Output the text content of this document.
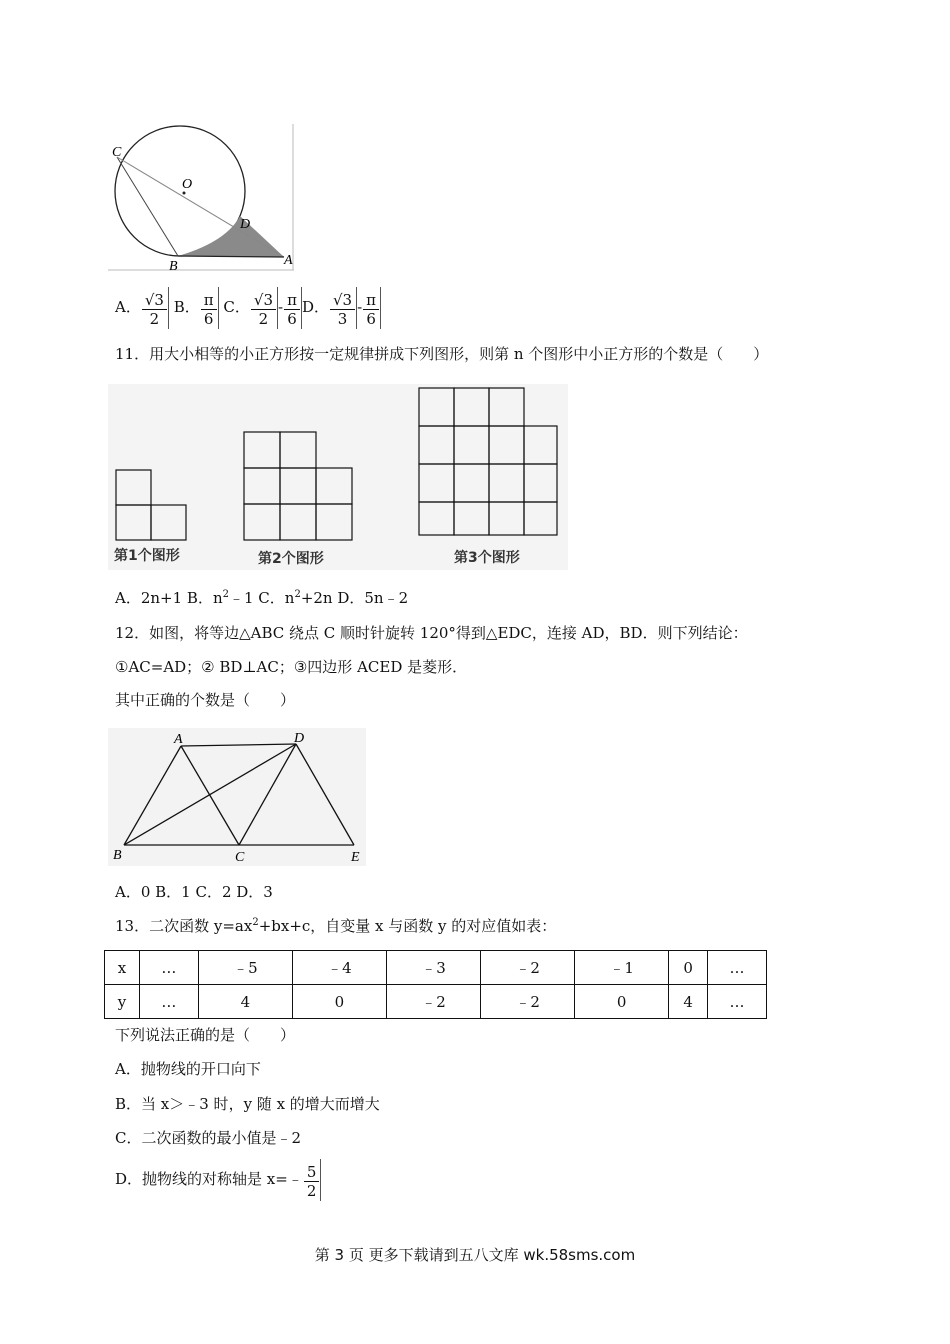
C
O
D
B	A
A． $\frac{√3}{2}$ B． $\frac{\pi}{6}$ C． $\frac{√3}{2} - \frac{\pi}{6}$ D． $\frac{√3}{3} - \frac{\pi}{6}$
11．用大小相等的小正方形按一定规律拼成下列图形，则第 n 个图形中小正方形的个数是（　　）
第1个图形	第2个图形	第3个图形
A．2n+1 B．$n^2﹣1$ C．$n^2+2n$ D．5n﹣2
12．如图，将等边△ABC 绕点 C 顺时针旋转 120°得到△EDC，连接 AD，BD．则下列结论：
①AC=AD；② BD⊥AC；③四边形 ACED 是菱形．
其中正确的个数是（　　）
A	D
B	C	E
A．0 B．1 C．2 D．3
13．二次函数 $y=ax^2+bx+c$，自变量 x 与函数 y 的对应值如表：
x	…	﹣5	﹣4	﹣3	﹣2	﹣1	0	…
y	…	4	0	﹣2	﹣2	0	4	…
下列说法正确的是（　　）
A．抛物线的开口向下
B．当 x＞﹣3 时，y 随 x 的增大而增大
C．二次函数的最小值是﹣2
D．抛物线的对称轴是 x=﹣ $\frac{5}{2}$
第 3 页 更多下载请到五八文库 wk.58sms.com
